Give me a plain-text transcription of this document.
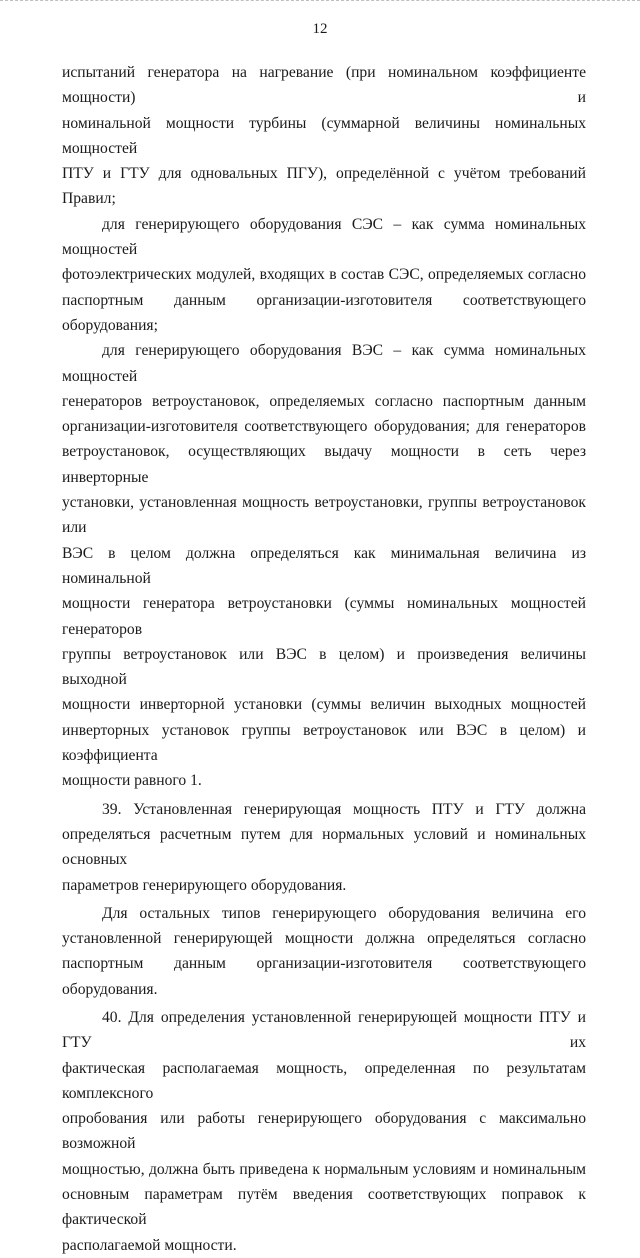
12

испытаний генератора на нагревание (при номинальном коэффициенте мощности) и

номинальной мощности турбины (суммарной величины номинальных мощностей

ПТУ и ГТУ для одновальных ПГУ), определённой с учётом требований Правил;

для генерирующего оборудования СЭС – как сумма номинальных мощностей

фотоэлектрических модулей, входящих в состав СЭС, определяемых согласно

паспортным данным организации-изготовителя соответствующего оборудования;

для генерирующего оборудования ВЭС – как сумма номинальных мощностей

генераторов ветроустановок, определяемых согласно паспортным данным

организации-изготовителя соответствующего оборудования; для генераторов

ветроустановок, осуществляющих выдачу мощности в сеть через инверторные

установки, установленная мощность ветроустановки, группы ветроустановок или

ВЭС в целом должна определяться как минимальная величина из номинальной

мощности генератора ветроустановки (суммы номинальных мощностей генераторов

группы ветроустановок или ВЭС в целом) и произведения величины выходной

мощности инверторной установки (суммы величин выходных мощностей

инверторных установок группы ветроустановок или ВЭС в целом) и коэффициента

мощности равного 1.

39. Установленная генерирующая мощность ПТУ и ГТУ должна

определяться расчетным путем для нормальных условий и номинальных основных

параметров генерирующего оборудования.

Для остальных типов генерирующего оборудования величина его

установленной генерирующей мощности должна определяться согласно

паспортным данным организации-изготовителя соответствующего оборудования.

40. Для определения установленной генерирующей мощности ПТУ и ГТУ их

фактическая располагаемая мощность, определенная по результатам комплексного

опробования или работы генерирующего оборудования с максимально возможной

мощностью, должна быть приведена к нормальным условиям и номинальным

основным параметрам путём введения соответствующих поправок к фактической

располагаемой мощности.
